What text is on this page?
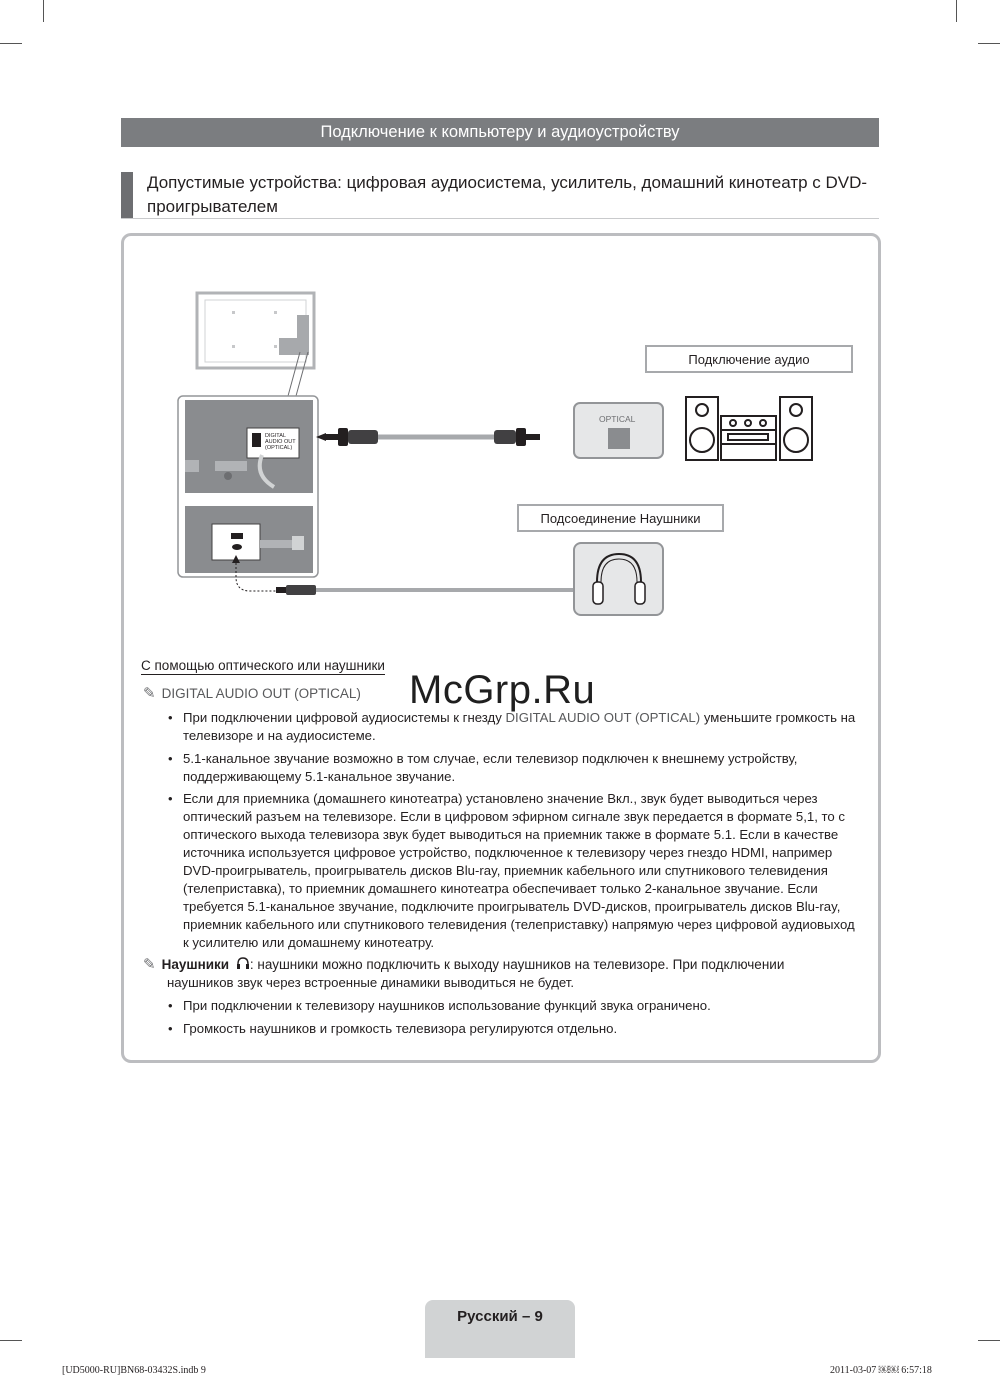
Подключение к компьютеру и аудиоустройству
Допустимые устройства: цифровая аудиосистема, усилитель, домашний кинотеатр с DVD-проигрывателем
DIGITAL
AUDIO OUT
(OPTICAL)
OPTICAL
Подключение аудио
Подсоединение Наушники
С помощью оптического или наушники
McGrp.Ru
✎ DIGITAL AUDIO OUT (OPTICAL)
• При подключении цифровой аудиосистемы к гнезду DIGITAL AUDIO OUT (OPTICAL) уменьшите громкость на телевизоре и на аудиосистеме.
• 5.1-канальное звучание возможно в том случае, если телевизор подключен к внешнему устройству, поддерживающему 5.1-канальное звучание.
• Если для приемника (домашнего кинотеатра) установлено значение Вкл., звук будет выводиться через оптический разъем на телевизоре. Если в цифровом эфирном сигнале звук передается в формате 5,1, то с оптического выхода телевизора звук будет выводиться на приемник также в формате 5.1. Если в качестве источника используется цифровое устройство, подключенное к телевизору через гнездо HDMI, например DVD-проигрыватель, проигрыватель дисков Blu-ray, приемник кабельного или спутникового телевидения (телеприставка), то приемник домашнего кинотеатра обеспечивает только 2-канальное звучание. Если требуется 5.1-канальное звучание, подключите проигрыватель DVD-дисков, проигрыватель дисков Blu-ray, приемник кабельного или спутникового телевидения (телеприставку) напрямую через цифровой аудиовыход к усилителю или домашнему кинотеатру.
✎ Наушники : наушники можно подключить к выходу наушников на телевизоре. При подключении
наушников звук через встроенные динамики выводиться не будет.
• При подключении к телевизору наушников использование функций звука ограничено.
• Громкость наушников и громкость телевизора регулируются отдельно.
Русский – 9
[UD5000-RU]BN68-03432S.indb 9	2011-03-07 ￼￼ 6:57:18
